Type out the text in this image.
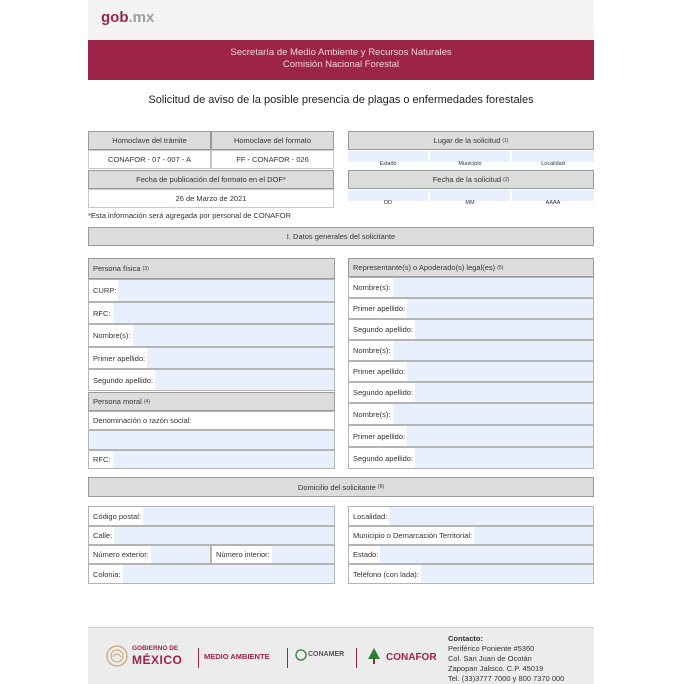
gob.mx
Secretaría de Medio Ambiente y Recursos Naturales
Comisión Nacional Forestal
Solicitud de aviso de la posible presencia de plagas o enfermedades forestales
Homoclave del trámite	Homoclave del formato
CONAFOR - 07 - 007 - A	FF - CONAFOR - 026
Fecha de publicación del formato en el DOF*
26 de Marzo de 2021
*Esta información será agregada por personal de CONAFOR
Lugar de la solicitud
(1)
Estado	Municipio	Localidad
Fecha de la solicitud
(2)
DD	MM	AAAA
I. Datos generales del solicitante
Persona física
(3)
CURP:
RFC:
Nombre(s):
Primer apellido:
Segundo apellido:
Persona moral
(4)
Denominación o razón social:
RFC:
Representante(s) o Apoderado(s) legal(es)
(5)
Nombre(s):
Primer apellido:
Segundo apellido:
Nombre(s):
Primer apellido:
Segundo apellido:
Nombre(s):
Primer apellido:
Segundo apellido:
Domicilio del solicitante
(6)
Código postal:
Calle:
Número exterior:	Número interior:
Colonia:
Localidad:
Municipio o Demarcación Territorial:
Estado:
Teléfono (con lada):
GOBIERNO DE
MÉXICO	MEDIO AMBIENTE	CONAMER	CONAFOR
Contacto:
Periférico Poniente #5360
Col. San Juan de Ocotán
Zapopan Jalisco. C.P. 45019
Tel. (33)3777 7000 y 800 7370 000
